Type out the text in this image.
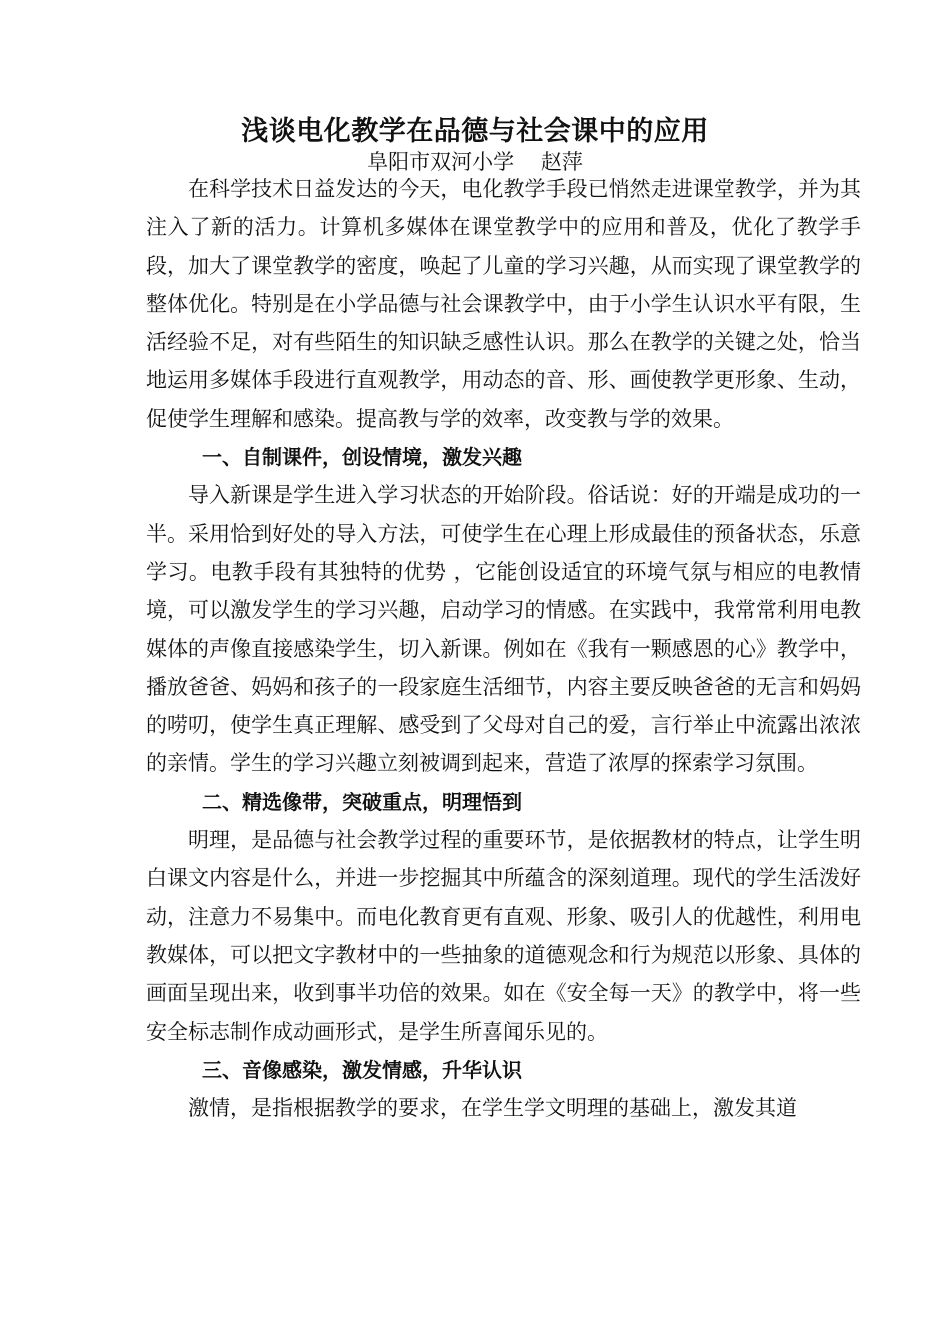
浅谈电化教学在品德与社会课中的应用
阜阳市双河小学    赵萍

在科学技术日益发达的今天，电化教学手段已悄然走进课堂教学，并为其注入了新的活力。计算机多媒体在课堂教学中的应用和普及，优化了教学手段，加大了课堂教学的密度，唤起了儿童的学习兴趣，从而实现了课堂教学的整体优化。特别是在小学品德与社会课教学中，由于小学生认识水平有限，生活经验不足，对有些陌生的知识缺乏感性认识。那么在教学的关键之处，恰当地运用多媒体手段进行直观教学，用动态的音、形、画使教学更形象、生动，促使学生理解和感染。提高教与学的效率，改变教与学的效果。

一、自制课件，创设情境，激发兴趣

导入新课是学生进入学习状态的开始阶段。俗话说：好的开端是成功的一半。采用恰到好处的导入方法，可使学生在心理上形成最佳的预备状态，乐意学习。电教手段有其独特的优势 ，它能创设适宜的环境气氛与相应的电教情境，可以激发学生的学习兴趣，启动学习的情感。在实践中，我常常利用电教媒体的声像直接感染学生，切入新课。例如在《我有一颗感恩的心》教学中，播放爸爸、妈妈和孩子的一段家庭生活细节，内容主要反映爸爸的无言和妈妈的唠叨，使学生真正理解、感受到了父母对自己的爱，言行举止中流露出浓浓的亲情。学生的学习兴趣立刻被调到起来，营造了浓厚的探索学习氛围。

二、精选像带，突破重点，明理悟到

明理，是品德与社会教学过程的重要环节，是依据教材的特点，让学生明白课文内容是什么，并进一步挖掘其中所蕴含的深刻道理。现代的学生活泼好动，注意力不易集中。而电化教育更有直观、形象、吸引人的优越性，利用电教媒体，可以把文字教材中的一些抽象的道德观念和行为规范以形象、具体的画面呈现出来，收到事半功倍的效果。如在《安全每一天》的教学中，将一些安全标志制作成动画形式，是学生所喜闻乐见的。

三、音像感染，激发情感，升华认识

激情，是指根据教学的要求，在学生学文明理的基础上，激发其道
